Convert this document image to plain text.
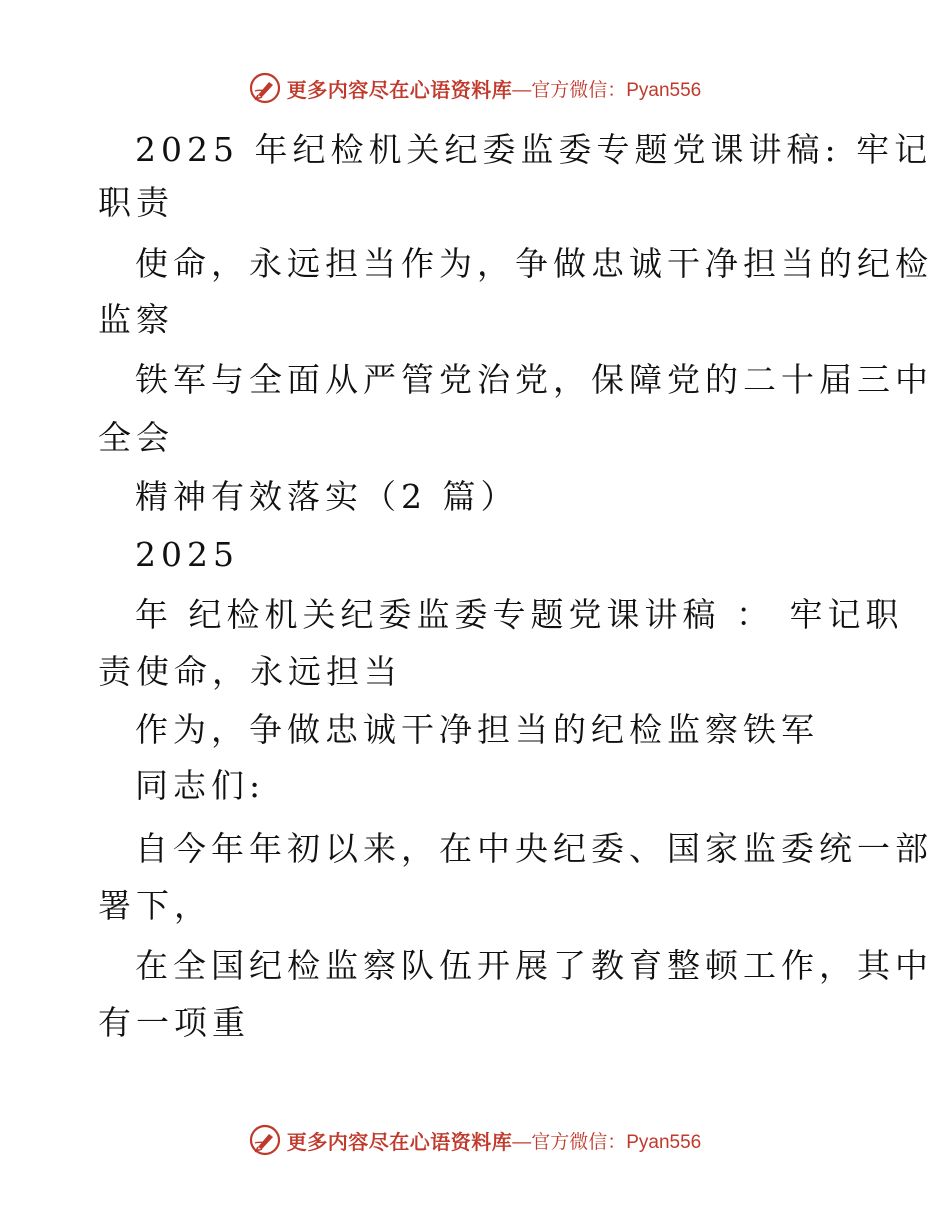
更多内容尽在心语资料库 —官方微信：Pyan556
2025 年纪检机关纪委监委专题党课讲稿: 牢记
职责
使命，永远担当作为，争做忠诚干净担当的纪检
监察
铁军与全面从严管党治党，保障党的二十届三中
全会
精神有效落实（2 篇）
2025
年 纪检机关纪委监委专题党课讲稿 ： 牢记职
责使命，永远担当
作为，争做忠诚干净担当的纪检监察铁军
同志们:
自今年年初以来，在中央纪委、国家监委统一部
署下，
在全国纪检监察队伍开展了教育整顿工作，其中
有一项重
更多内容尽在心语资料库 —官方微信：Pyan556
